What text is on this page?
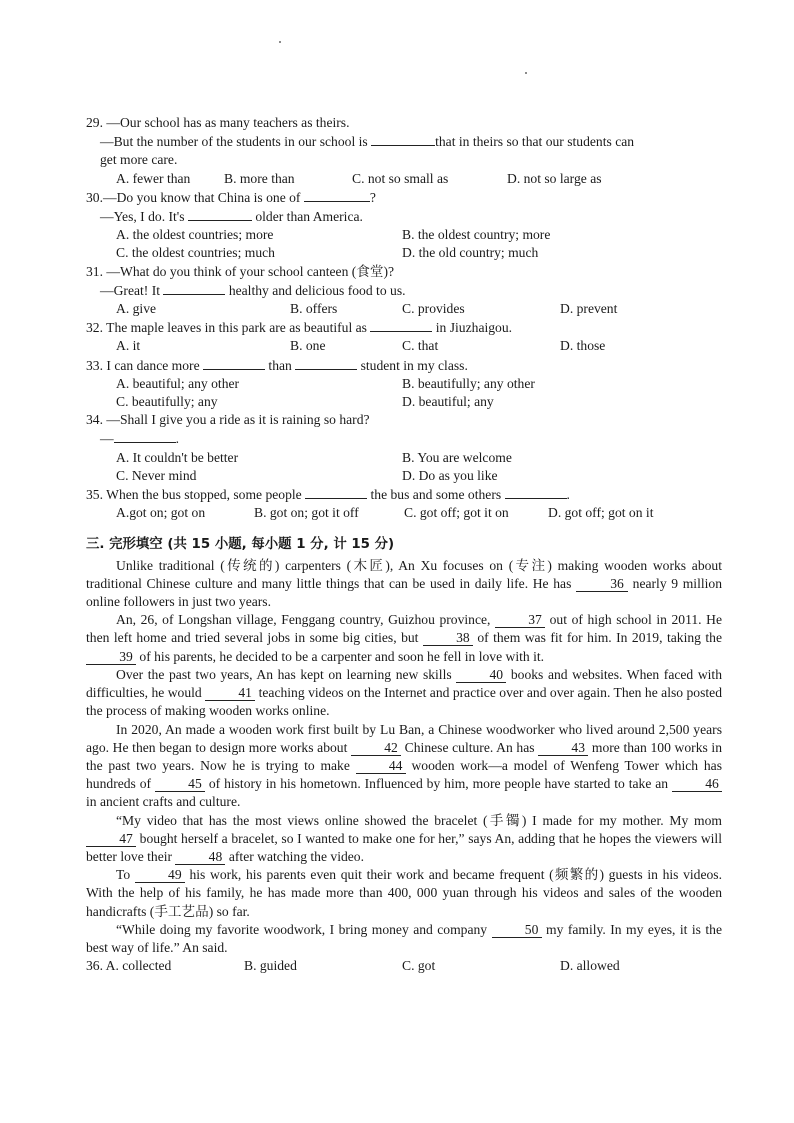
29. —Our school has as many teachers as theirs.
—But the number of the students in our school is	that in theirs so that our students can
get more care.
A. fewer than	B. more than	C. not so small as	D. not so large as
30.—Do you know that China is one of	?
—Yes, I do. It's	older than America.
A. the oldest countries; more	B. the oldest country; more
C. the oldest countries; much	D. the old country; much
31. —What do you think of your school canteen (食堂)?
—Great! It	healthy and delicious food to us.
A. give	B. offers	C. provides	D. prevent
32. The maple leaves in this park are as beautiful as	in Jiuzhaigou.
A. it	B. one	C. that	D. those
33. I can dance more	than	student in my class.
A. beautiful; any other	B. beautifully; any other
C. beautifully; any	D. beautiful; any
34. —Shall I give you a ride as it is raining so hard?
—	.
A. It couldn't be better	B. You are welcome
C. Never mind	D. Do as you like
35. When the bus stopped, some people	the bus and some others	.
A.got on; got on	B. got on; got it off	C. got off; got it on	D. got off; got on it
三. 完形填空 (共 15 小题, 每小题 1 分, 计 15 分)

Unlike traditional (传统的) carpenters (木匠), An Xu focuses on (专注) making wooden works about traditional Chinese culture and many little things that can be used in daily life. He has	36 nearly 9 million online followers in just two years.

An, 26, of Longshan village, Fenggang country, Guizhou province, 37 out of high school in 2011. He then left home and tried several jobs in some big cities, but 38 of them was fit for him. In 2019, taking the 39 of his parents, he decided to be a carpenter and soon he fell in love with it.

Over the past two years, An has kept on learning new skills 40 books and websites. When faced with difficulties, he would 41 teaching videos on the Internet and practice over and over again. Then he also posted the process of making wooden works online.

In 2020, An made a wooden work first built by Lu Ban, a Chinese woodworker who lived around 2,500 years ago. He then began to design more works about 42 Chinese culture. An has 43 more than 100 works in the past two years. Now he is trying to make 44 wooden work—a model of Wenfeng Tower which has hundreds of 45 of history in his hometown. Influenced by him, more people have started to take an 46 in ancient crafts and culture.

“My video that has the most views online showed the bracelet (手镯) I made for my mother. My mom 47 bought herself a bracelet, so I wanted to make one for her,” says An, adding that he hopes the viewers will better love their 48 after watching the video.

To 49 his work, his parents even quit their work and became frequent (频繁的) guests in his videos. With the help of his family, he has made more than 400, 000 yuan through his videos and sales of the wooden handicrafts (手工艺品) so far.

“While doing my favorite woodwork, I bring money and company 50 my family. In my eyes, it is the best way of life.” An said.

36. A. collected	B. guided	C. got	D. allowed
